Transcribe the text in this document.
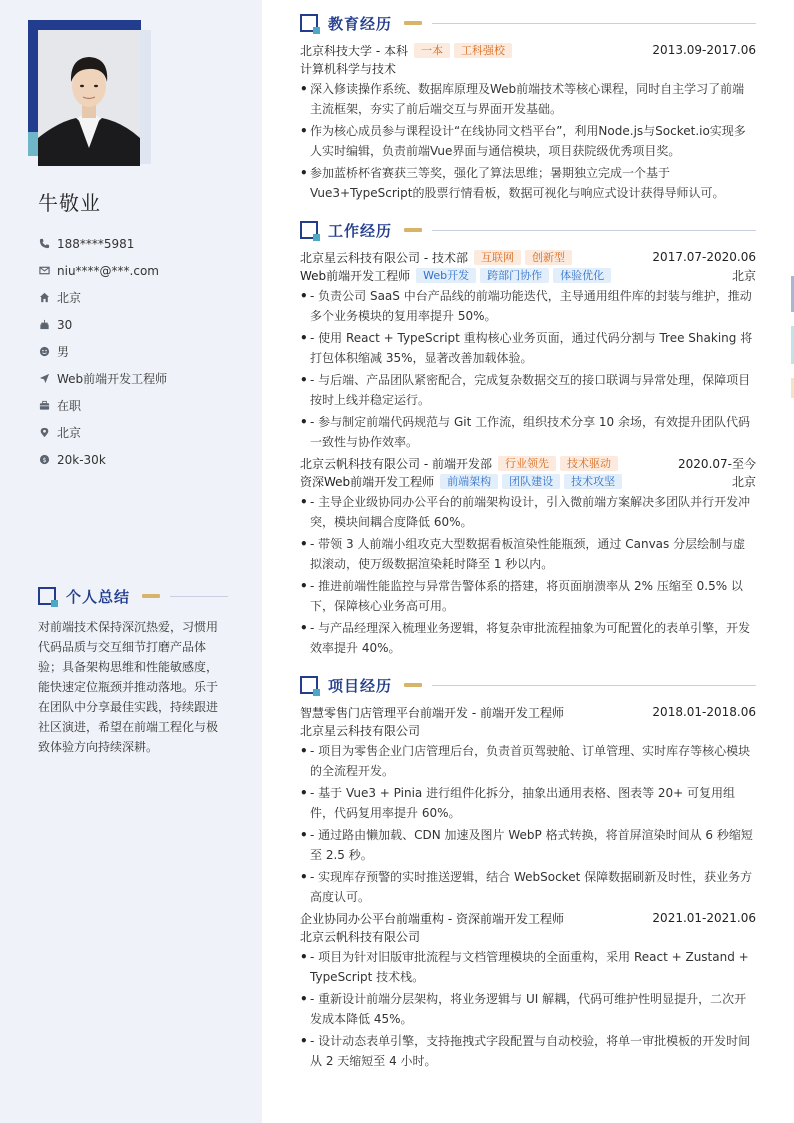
牛敬业
188****5981
niu****@***.com
北京
30
男
Web前端开发工程师
在职
北京
$ 20k-30k
个人总结
对前端技术保持深沉热爱，习惯用代码品质与交互细节打磨产品体验；具备架构思维和性能敏感度，能快速定位瓶颈并推动落地。乐于在团队中分享最佳实践，持续跟进社区演进，希望在前端工程化与极致体验方向持续深耕。
教育经历
北京科技大学 - 本科	一本	工科强校	2013.09-2017.06
计算机科学与技术
• 深入修读操作系统、数据库原理及Web前端技术等核心课程，同时自主学习了前端主流框架，夯实了前后端交互与界面开发基础。
• 作为核心成员参与课程设计“在线协同文档平台”，利用Node.js与Socket.io实现多人实时编辑，负责前端Vue界面与通信模块，项目获院级优秀项目奖。
• 参加蓝桥杯省赛获三等奖，强化了算法思维；暑期独立完成一个基于Vue3+TypeScript的股票行情看板，数据可视化与响应式设计获得导师认可。
工作经历
北京星云科技有限公司 - 技术部	互联网	创新型	2017.07-2020.06
Web前端开发工程师	Web开发	跨部门协作	体验优化	北京
• - 负责公司 SaaS 中台产品线的前端功能迭代，主导通用组件库的封装与维护，推动多个业务模块的复用率提升 50%。
• - 使用 React + TypeScript 重构核心业务页面，通过代码分割与 Tree Shaking 将打包体积缩减 35%，显著改善加载体验。
• - 与后端、产品团队紧密配合，完成复杂数据交互的接口联调与异常处理，保障项目按时上线并稳定运行。
• - 参与制定前端代码规范与 Git 工作流，组织技术分享 10 余场，有效提升团队代码一致性与协作效率。
北京云帆科技有限公司 - 前端开发部	行业领先	技术驱动	2020.07-至今
资深Web前端开发工程师	前端架构	团队建设	技术攻坚	北京
• - 主导企业级协同办公平台的前端架构设计，引入微前端方案解决多团队并行开发冲突，模块间耦合度降低 60%。
• - 带领 3 人前端小组攻克大型数据看板渲染性能瓶颈，通过 Canvas 分层绘制与虚拟滚动，使万级数据渲染耗时降至 1 秒以内。
• - 推进前端性能监控与异常告警体系的搭建，将页面崩溃率从 2% 压缩至 0.5% 以下，保障核心业务高可用。
• - 与产品经理深入梳理业务逻辑，将复杂审批流程抽象为可配置化的表单引擎，开发效率提升 40%。
项目经历
智慧零售门店管理平台前端开发 - 前端开发工程师	2018.01-2018.06
北京星云科技有限公司
• - 项目为零售企业门店管理后台，负责首页驾驶舱、订单管理、实时库存等核心模块的全流程开发。
• - 基于 Vue3 + Pinia 进行组件化拆分，抽象出通用表格、图表等 20+ 可复用组件，代码复用率提升 60%。
• - 通过路由懒加载、CDN 加速及图片 WebP 格式转换，将首屏渲染时间从 6 秒缩短至 2.5 秒。
• - 实现库存预警的实时推送逻辑，结合 WebSocket 保障数据刷新及时性，获业务方高度认可。
企业协同办公平台前端重构 - 资深前端开发工程师	2021.01-2021.06
北京云帆科技有限公司
• - 项目为针对旧版审批流程与文档管理模块的全面重构，采用 React + Zustand + TypeScript 技术栈。
• - 重新设计前端分层架构，将业务逻辑与 UI 解耦，代码可维护性明显提升，二次开发成本降低 45%。
• - 设计动态表单引擎，支持拖拽式字段配置与自动校验，将单一审批模板的开发时间从 2 天缩短至 4 小时。
